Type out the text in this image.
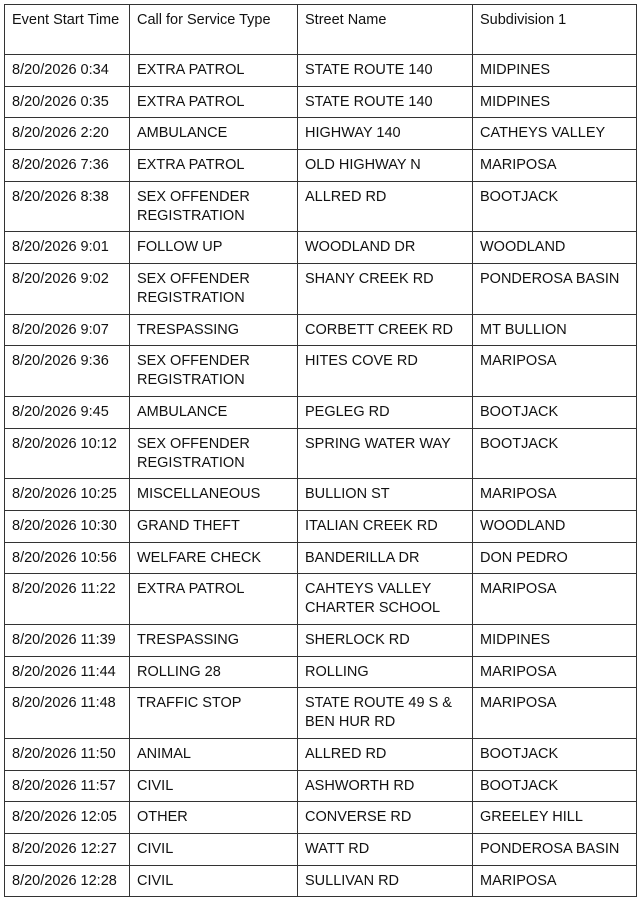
Event Start Time	Call for Service Type	Street Name	Subdivision 1
8/20/2026 0:34	EXTRA PATROL	STATE ROUTE 140	MIDPINES
8/20/2026 0:35	EXTRA PATROL	STATE ROUTE 140	MIDPINES
8/20/2026 2:20	AMBULANCE	HIGHWAY 140	CATHEYS VALLEY
8/20/2026 7:36	EXTRA PATROL	OLD HIGHWAY N	MARIPOSA
8/20/2026 8:38	SEX OFFENDER REGISTRATION	ALLRED RD	BOOTJACK
8/20/2026 9:01	FOLLOW UP	WOODLAND DR	WOODLAND
8/20/2026 9:02	SEX OFFENDER REGISTRATION	SHANY CREEK RD	PONDEROSA BASIN
8/20/2026 9:07	TRESPASSING	CORBETT CREEK RD	MT BULLION
8/20/2026 9:36	SEX OFFENDER REGISTRATION	HITES COVE RD	MARIPOSA
8/20/2026 9:45	AMBULANCE	PEGLEG RD	BOOTJACK
8/20/2026 10:12	SEX OFFENDER REGISTRATION	SPRING WATER WAY	BOOTJACK
8/20/2026 10:25	MISCELLANEOUS	BULLION ST	MARIPOSA
8/20/2026 10:30	GRAND THEFT	ITALIAN CREEK RD	WOODLAND
8/20/2026 10:56	WELFARE CHECK	BANDERILLA DR	DON PEDRO
8/20/2026 11:22	EXTRA PATROL	CAHTEYS VALLEY CHARTER SCHOOL	MARIPOSA
8/20/2026 11:39	TRESPASSING	SHERLOCK RD	MIDPINES
8/20/2026 11:44	ROLLING 28	ROLLING	MARIPOSA
8/20/2026 11:48	TRAFFIC STOP	STATE ROUTE 49 S & BEN HUR RD	MARIPOSA
8/20/2026 11:50	ANIMAL	ALLRED RD	BOOTJACK
8/20/2026 11:57	CIVIL	ASHWORTH RD	BOOTJACK
8/20/2026 12:05	OTHER	CONVERSE RD	GREELEY HILL
8/20/2026 12:27	CIVIL	WATT RD	PONDEROSA BASIN
8/20/2026 12:28	CIVIL	SULLIVAN RD	MARIPOSA
